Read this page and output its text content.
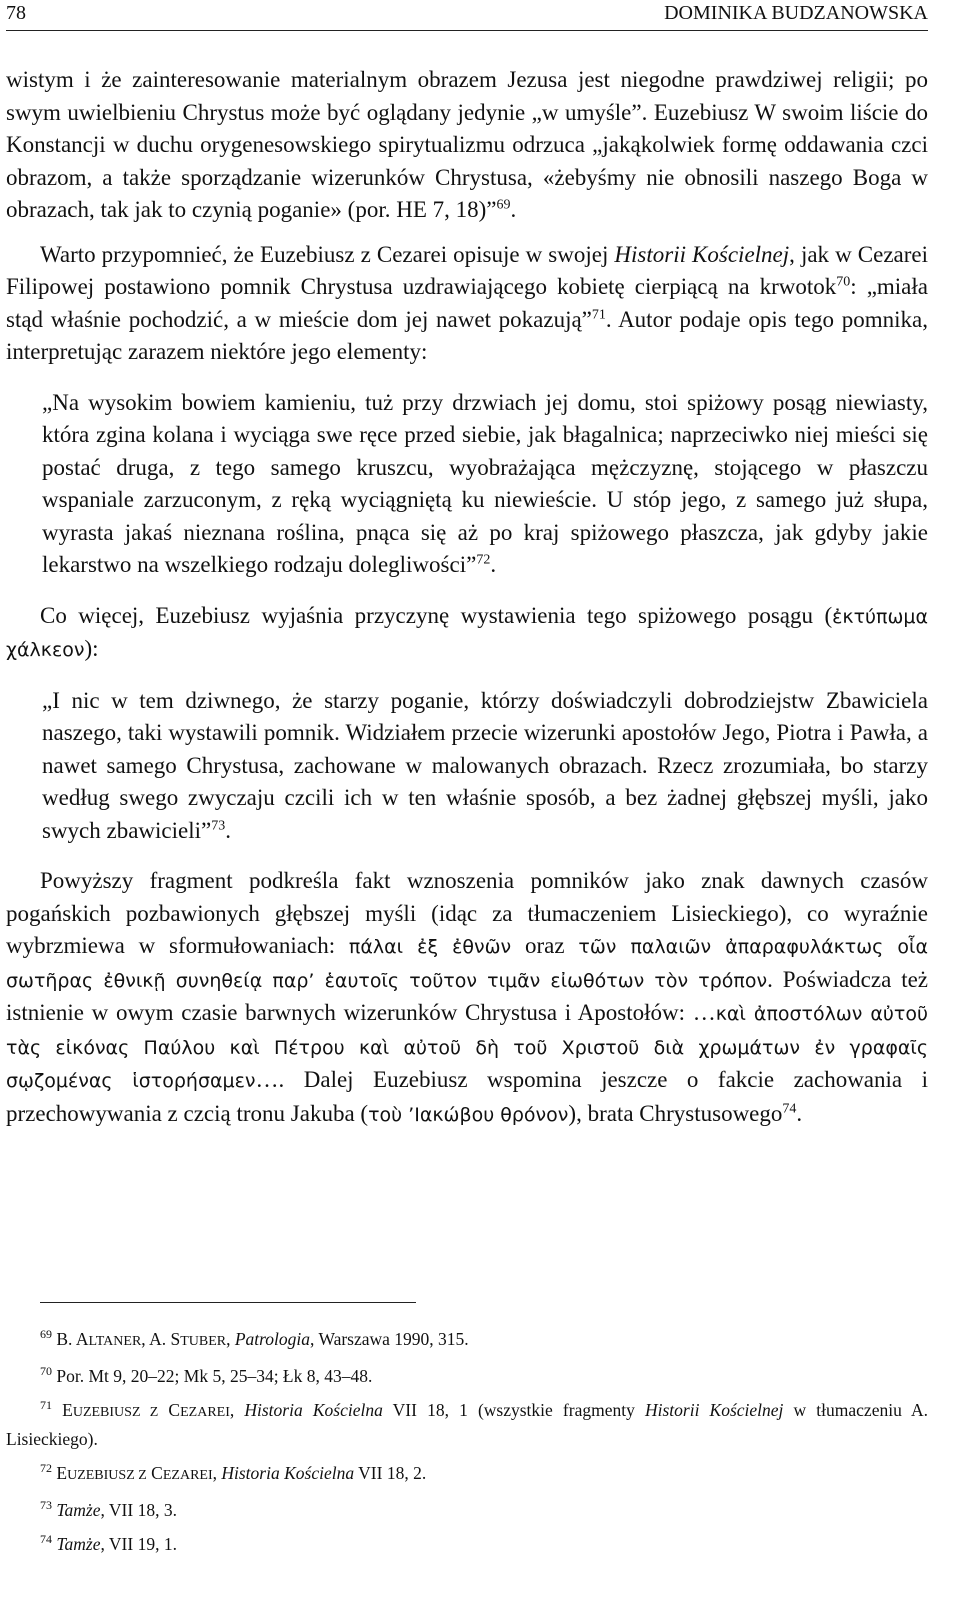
78	DOMINIKA BUDZANOWSKA

wistym i że zainteresowanie materialnym obrazem Jezusa jest niegodne prawdziwej religii; po swym uwielbieniu Chrystus może być oglądany jedynie „w umyśle”. Euzebiusz W swoim liście do Konstancji w duchu orygenesowskiego spirytualizmu odrzuca „jakąkolwiek formę oddawania czci obrazom, a także sporządzanie wizerunków Chrystusa, «żebyśmy nie obnosili naszego Boga w obrazach, tak jak to czynią poganie» (por. HE 7, 18)”$^{69}$.

Warto przypomnieć, że Euzebiusz z Cezarei opisuje w swojej Historii Kościelnej, jak w Cezarei Filipowej postawiono pomnik Chrystusa uzdrawiającego kobietę cierpiącą na krwotok$^{70}$: „miała stąd właśnie pochodzić, a w mieście dom jej nawet pokazują”$^{71}$. Autor podaje opis tego pomnika, interpretując zarazem niektóre jego elementy:

„Na wysokim bowiem kamieniu, tuż przy drzwiach jej domu, stoi spiżowy posąg niewiasty, która zgina kolana i wyciąga swe ręce przed siebie, jak błagalnica; naprzeciwko niej mieści się postać druga, z tego samego kruszcu, wyobrażająca mężczyznę, stojącego w płaszczu wspaniale zarzuconym, z ręką wyciągniętą ku niewieście. U stóp jego, z samego już słupa, wyrasta jakaś nieznana roślina, pnąca się aż po kraj spiżowego płaszcza, jak gdyby jakie lekarstwo na wszelkiego rodzaju dolegliwości”$^{72}$.

Co więcej, Euzebiusz wyjaśnia przyczynę wystawienia tego spiżowego posągu (ἐκτύπωμα χάλκεον):

„I nic w tem dziwnego, że starzy poganie, którzy doświadczyli dobrodziejstw Zbawiciela naszego, taki wystawili pomnik. Widziałem przecie wizerunki apostołów Jego, Piotra i Pawła, a nawet samego Chrystusa, zachowane w malowanych obrazach. Rzecz zrozumiała, bo starzy według swego zwyczaju czcili ich w ten właśnie sposób, a bez żadnej głębszej myśli, jako swych zbawicieli”$^{73}$.

Powyższy fragment podkreśla fakt wznoszenia pomników jako znak dawnych czasów pogańskich pozbawionych głębszej myśli (idąc za tłumaczeniem Lisieckiego), co wyraźnie wybrzmiewa w sformułowaniach: πάλαι ἐξ ἐθνῶν oraz τῶν παλαιῶν ἀπαραφυλάκτως οἷα σωτῆρας ἐθνικῇ συνηθείᾳ παρ’ ἑαυτοῖς τοῦτον τιμᾶν εἰωθότων τὸν τρόπον. Poświadcza też istnienie w owym czasie barwnych wizerunków Chrystusa i Apostołów: …καὶ ἀποστόλων αὐτοῦ τὰς εἰκόνας Παύλου καὶ Πέτρου καὶ αὐτοῦ δὴ τοῦ Χριστοῦ διὰ χρωμάτων ἐν γραφαῖς σῳζομένας ἱστορήσαμεν…. Dalej Euzebiusz wspomina jeszcze o fakcie zachowania i przechowywania z czcią tronu Jakuba (τοὺ ’Ιακώβου θρόνον), brata Chrystusowego$^{74}$.

$^{69}$ B. ALTANER, A. STUBER, Patrologia, Warszawa 1990, 315.

$^{70}$ Por. Mt 9, 20–22; Mk 5, 25–34; Łk 8, 43–48.

$^{71}$ EUZEBIUSZ Z CEZAREI, Historia Kościelna VII 18, 1 (wszystkie fragmenty Historii Kościelnej w tłumaczeniu A. Lisieckiego).

$^{72}$ EUZEBIUSZ Z CEZAREI, Historia Kościelna VII 18, 2.

$^{73}$ Tamże, VII 18, 3.

$^{74}$ Tamże, VII 19, 1.
